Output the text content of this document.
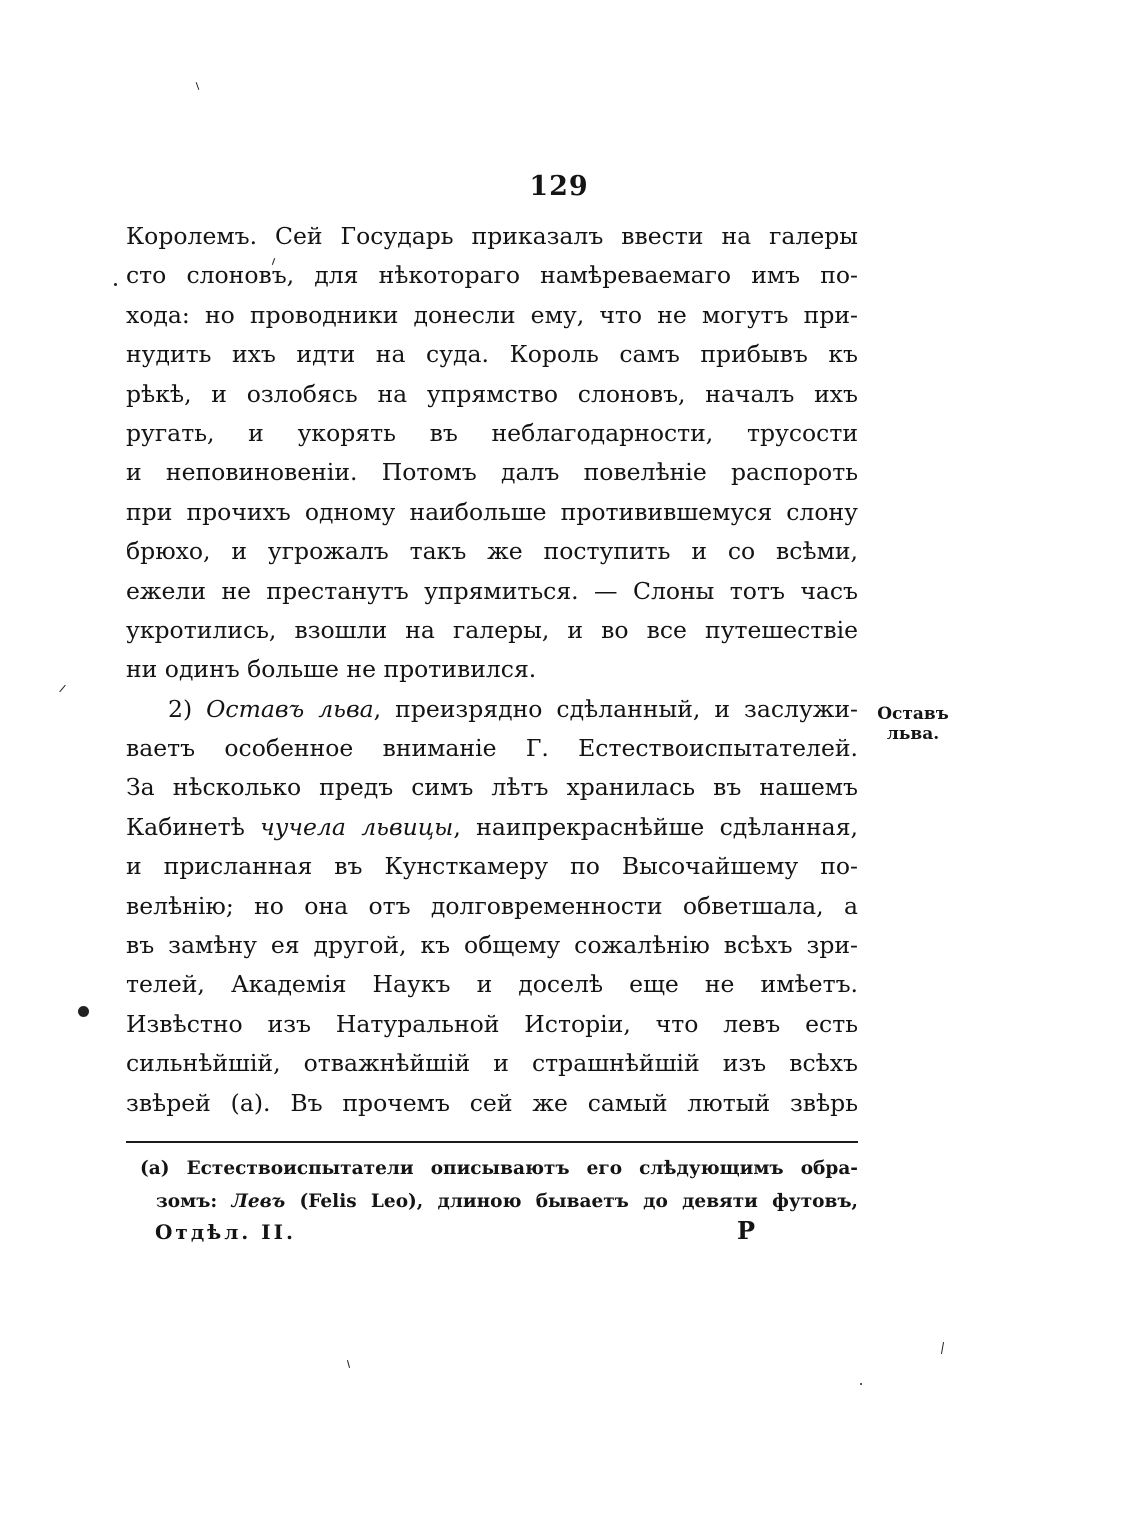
129
Королемъ. Сей Государь приказалъ ввести на галеры
сто слоновъ, для нѣкотораго намѣреваемаго имъ по-
хода: но проводники донесли ему, что не могутъ при-
нудить ихъ идти на суда. Король самъ прибывъ къ
рѣкѣ, и озлобясь на упрямство слоновъ, началъ ихъ
ругать, и укорять въ неблагодарности, трусости
и неповиновеніи. Потомъ далъ повелѣніе распороть
при прочихъ одному наибольше противившемуся слону
брюхо, и угрожалъ такъ же поступить и со всѣми,
ежели не престанутъ упрямиться. — Слоны тотъ часъ
укротились, взошли на галеры, и во все путешествіе
ни одинъ больше не противился.
2) Оставъ льва, преизрядно сдѣланный, и заслужи-
ваетъ особенное вниманіе Г. Естествоиспытателей.
За нѣсколько предъ симъ лѣтъ хранилась въ нашемъ
Кабинетѣ чучела львицы, наипрекраснѣйше сдѣланная,
и присланная въ Кунсткамеру по Высочайшему по-
велѣнію; но она отъ долговременности обветшала, а
въ замѣну ея другой, къ общему сожалѣнію всѣхъ зри-
телей, Академія Наукъ и доселѣ еще не имѣетъ.
Извѣстно изъ Натуральной Исторіи, что левъ есть
сильнѣйшій, отважнѣйшій и страшнѣйшій изъ всѣхъ
звѣрей (а). Въ прочемъ сей же самый лютый звѣрь
Оставъ
льва.
(а) Естествоиспытатели описываютъ его слѣдующимъ обра-
зомъ: Левъ (Felis Leo), длиною бываетъ до девяти футовъ,
Отдѣл. II.	Р
